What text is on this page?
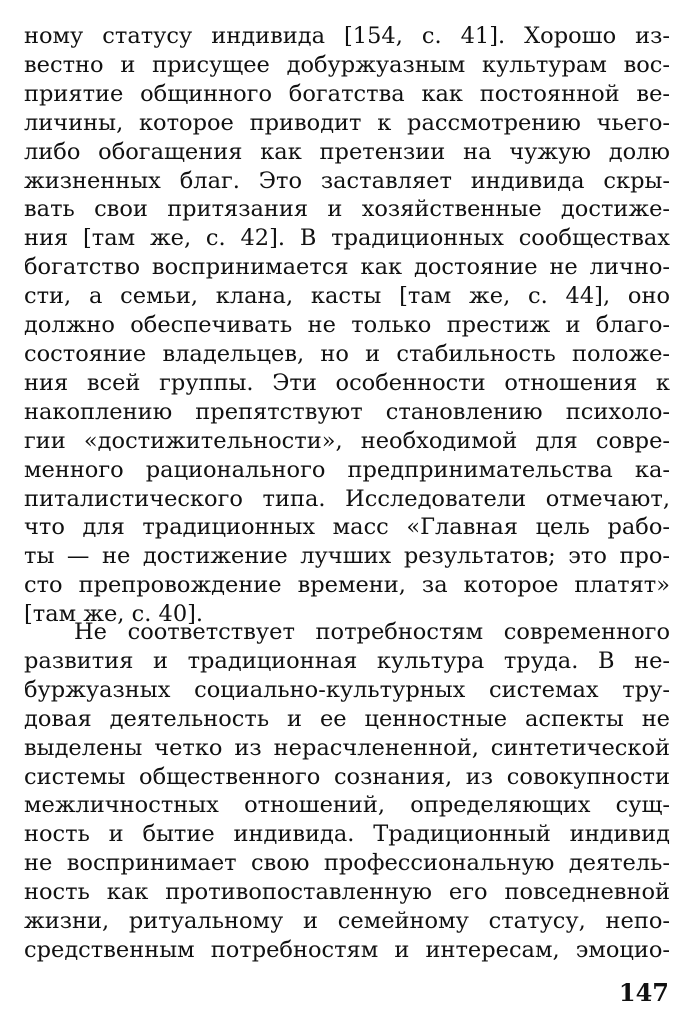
ному статусу индивида [154, с. 41]. Хорошо из-
вестно и присущее добуржуазным культурам вос-
приятие общинного богатства как постоянной ве-
личины, которое приводит к рассмотрению чьего-
либо обогащения как претензии на чужую долю
жизненных благ. Это заставляет индивида скры-
вать свои притязания и хозяйственные достиже-
ния [там же, с. 42]. В традиционных сообществах
богатство воспринимается как достояние не лично-
сти, а семьи, клана, касты [там же, с. 44], оно
должно обеспечивать не только престиж и благо-
состояние владельцев, но и стабильность положе-
ния всей группы. Эти особенности отношения к
накоплению препятствуют становлению психоло-
гии «достижительности», необходимой для совре-
менного рационального предпринимательства ка-
питалистического типа. Исследователи отмечают,
что для традиционных масс «Главная цель рабо-
ты — не достижение лучших результатов; это про-
сто препровождение времени, за которое платят»
[там же, с. 40].
Не соответствует потребностям современного
развития и традиционная культура труда. В не-
буржуазных социально-культурных системах тру-
довая деятельность и ее ценностные аспекты не
выделены четко из нерасчлененной, синтетической
системы общественного сознания, из совокупности
межличностных отношений, определяющих сущ-
ность и бытие индивида. Традиционный индивид
не воспринимает свою профессиональную деятель-
ность как противопоставленную его повседневной
жизни, ритуальному и семейному статусу, непо-
средственным потребностям и интересам, эмоцио-
147
